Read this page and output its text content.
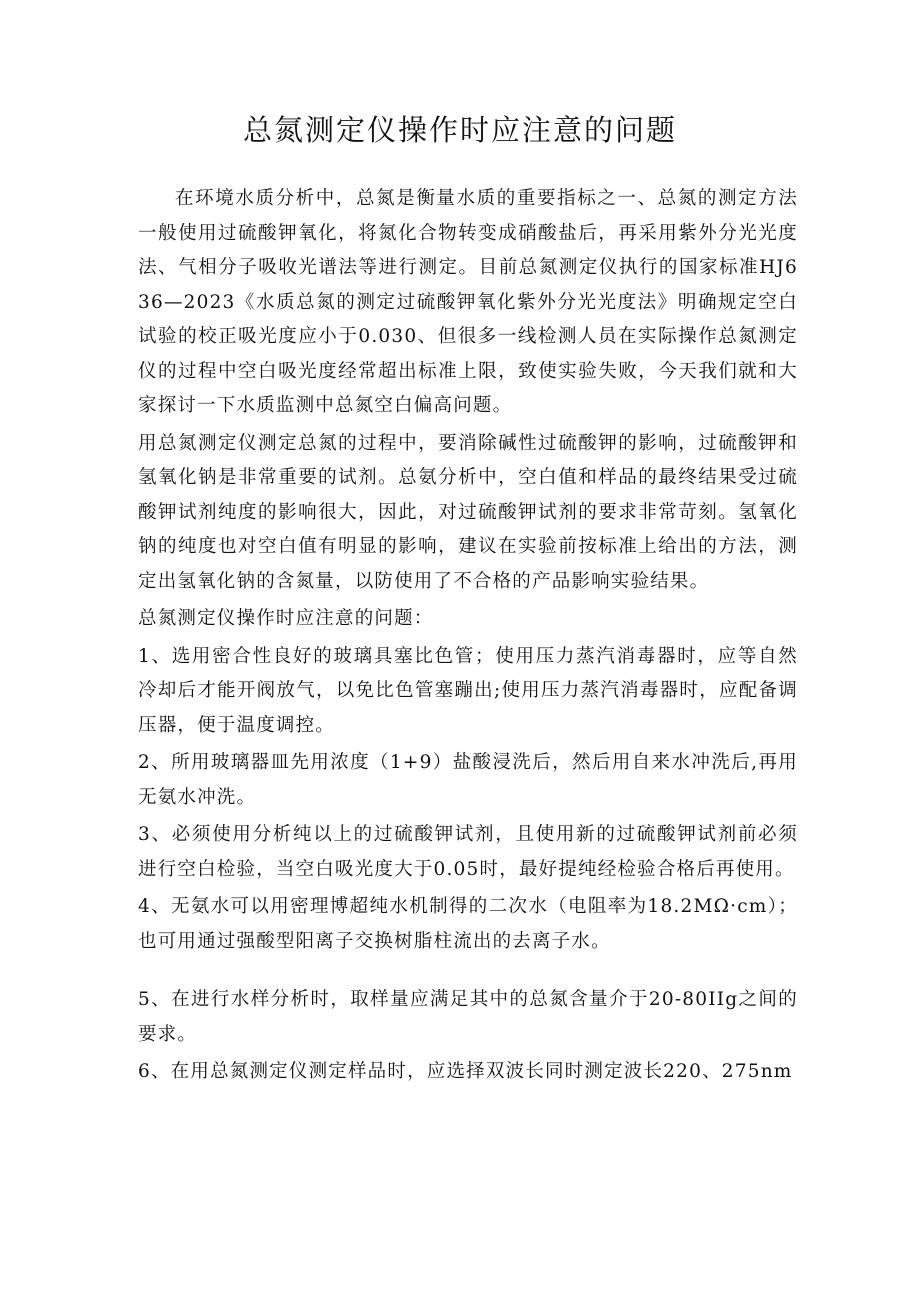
总氮测定仪操作时应注意的问题

在环境水质分析中，总氮是衡量水质的重要指标之一、总氮的测定方法一般使用过硫酸钾氧化，将氮化合物转变成硝酸盐后，再采用紫外分光光度法、气相分子吸收光谱法等进行测定。目前总氮测定仪执行的国家标准HJ636—2023《水质总氮的测定过硫酸钾氧化紫外分光光度法》明确规定空白试验的校正吸光度应小于0.030、但很多一线检测人员在实际操作总氮测定仪的过程中空白吸光度经常超出标准上限，致使实验失败，今天我们就和大家探讨一下水质监测中总氮空白偏高问题。

用总氮测定仪测定总氮的过程中，要消除碱性过硫酸钾的影响，过硫酸钾和氢氧化钠是非常重要的试剂。总氨分析中，空白值和样品的最终结果受过硫酸钾试剂纯度的影响很大，因此，对过硫酸钾试剂的要求非常苛刻。氢氧化钠的纯度也对空白值有明显的影响，建议在实验前按标准上给出的方法，测定出氢氧化钠的含氮量，以防使用了不合格的产品影响实验结果。

总氮测定仪操作时应注意的问题：

1、选用密合性良好的玻璃具塞比色管；使用压力蒸汽消毒器时，应等自然冷却后才能开阀放气，以免比色管塞蹦出;使用压力蒸汽消毒器时，应配备调压器，便于温度调控。

2、所用玻璃器皿先用浓度（1+9）盐酸浸洗后，然后用自来水冲洗后,再用无氨水冲洗。

3、必须使用分析纯以上的过硫酸钾试剂，且使用新的过硫酸钾试剂前必须进行空白检验，当空白吸光度大于0.05时，最好提纯经检验合格后再使用。

4、无氨水可以用密理博超纯水机制得的二次水（电阻率为18.2MΩ·cm）；也可用通过强酸型阳离子交换树脂柱流出的去离子水。

5、在进行水样分析时，取样量应满足其中的总氮含量介于20-80IIg之间的要求。

6、在用总氮测定仪测定样品时，应选择双波长同时测定波长220、275nm
